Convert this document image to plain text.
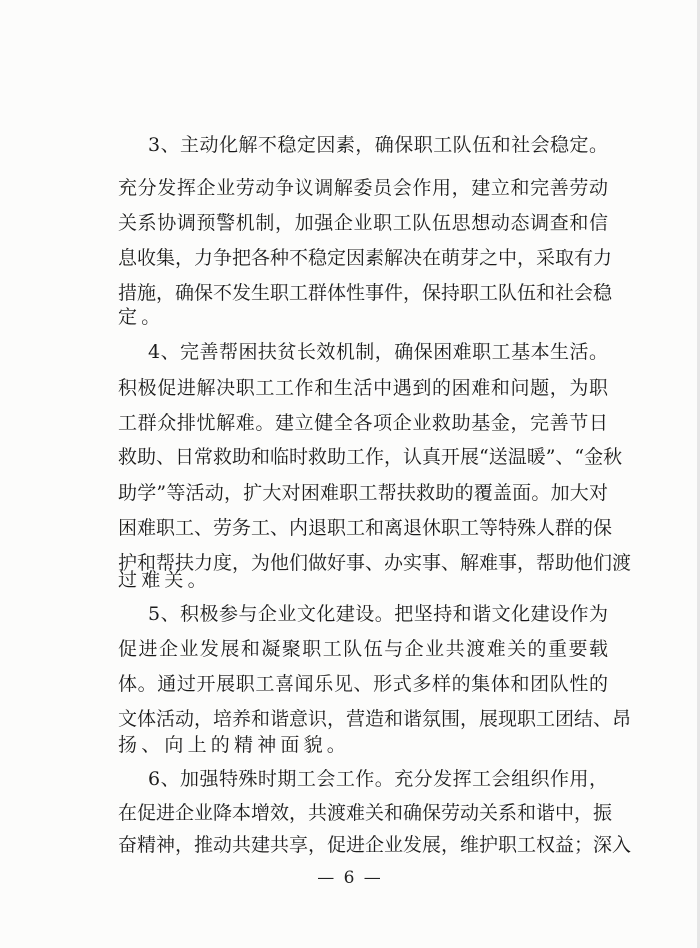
3、主动化解不稳定因素，确保职工队伍和社会稳定。
充分发挥企业劳动争议调解委员会作用，建立和完善劳动
关系协调预警机制，加强企业职工队伍思想动态调查和信
息收集，力争把各种不稳定因素解决在萌芽之中，采取有力
措施，确保不发生职工群体性事件，保持职工队伍和社会稳
定。
4、完善帮困扶贫长效机制，确保困难职工基本生活。
积极促进解决职工工作和生活中遇到的困难和问题，为职
工群众排忧解难。建立健全各项企业救助基金，完善节日
救助、日常救助和临时救助工作，认真开展“送温暖”、“金秋
助学”等活动，扩大对困难职工帮扶救助的覆盖面。加大对
困难职工、劳务工、内退职工和离退休职工等特殊人群的保
护和帮扶力度，为他们做好事、办实事、解难事，帮助他们渡
过难关。
5、积极参与企业文化建设。把坚持和谐文化建设作为
促进企业发展和凝聚职工队伍与企业共渡难关的重要载
体。通过开展职工喜闻乐见、形式多样的集体和团队性的
文体活动，培养和谐意识，营造和谐氛围，展现职工团结、昂
扬、向上的精神面貌。
6、加强特殊时期工会工作。充分发挥工会组织作用，
在促进企业降本增效，共渡难关和确保劳动关系和谐中，振
奋精神，推动共建共享，促进企业发展，维护职工权益；深入
— 6 —
